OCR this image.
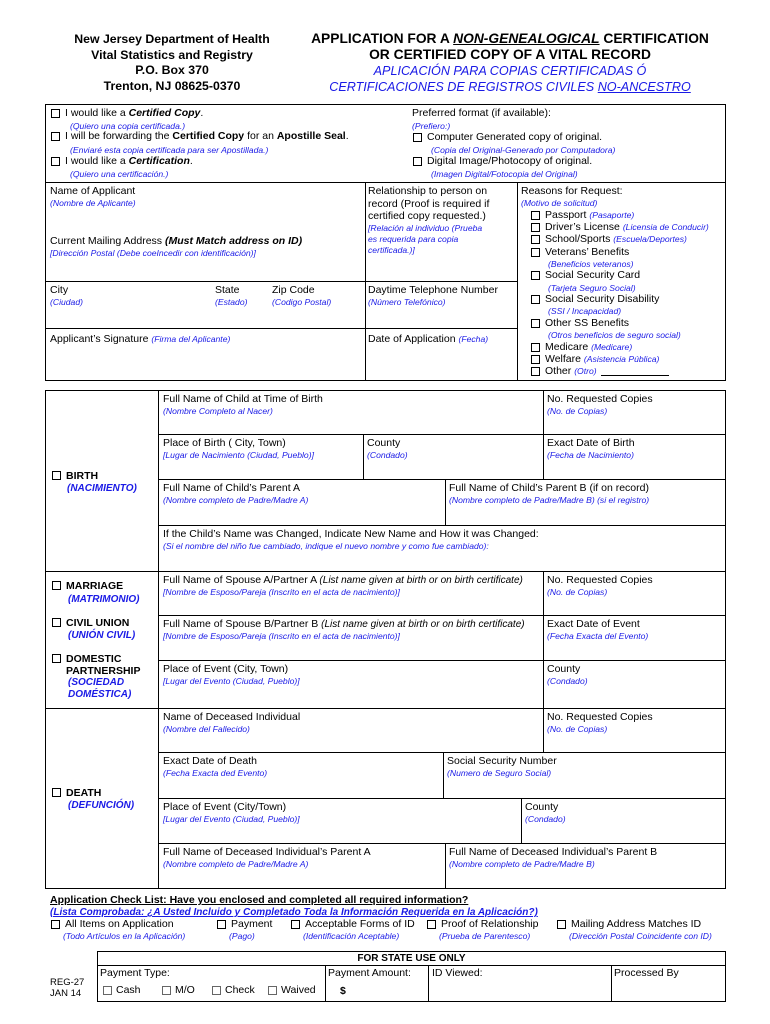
New Jersey Department of Health
Vital Statistics and Registry
P.O. Box 370
Trenton, NJ 08625-0370
APPLICATION FOR A NON-GENEALOGICAL CERTIFICATION
OR CERTIFIED COPY OF A VITAL RECORD
APLICACIÓN PARA COPIAS CERTIFICADAS Ó
CERTIFICACIONES DE REGISTROS CIVILES NO-ANCESTRO
I would like a Certified Copy.
(Quiero una copia certificada.)
I will be forwarding the Certified Copy for an Apostille Seal.
(Enviaré esta copia certificada para ser Apostillada.)
I would like a Certification.
(Quiero una certificación.)
Preferred format (if available):
(Prefiero:)
Computer Generated copy of original.
(Copia del Original-Generado por Computadora)
Digital Image/Photocopy of original.
(Imagen Digital/Fotocopia del Original)
Name of Applicant
(Nombre de Aplicante)
Current Mailing Address (Must Match address on ID)
[Dirección Postal (Debe coeIncedir con identificación)]
City
(Ciudad)
State
(Estado)
Zip Code
(Codigo Postal)
Applicant’s Signature (Firma del Aplicante)
Relationship to person on
record (Proof is required if
certified copy requested.)
[Relación al individuo (Prueba
es requerida para copia
certificada.)]
Daytime Telephone Number
(Número Telefónico)
Date of Application (Fecha)
Reasons for Request:
(Motivo de solicitud)
Passport (Pasaporte)
Driver’s License (Licensia de Conducir)
School/Sports (Escuela/Deportes)
Veterans’ Benefits
(Beneficios veteranos)
Social Security Card
(Tarjeta Seguro Social)
Social Security Disability
(SSI / Incapacidad)
Other SS Benefits
(Otros beneficios de seguro social)
Medicare (Medicare)
Welfare (Asistencia Pública)
Other (Otro)
BIRTH
(NACIMIENTO)
Full Name of Child at Time of Birth
(Nombre Completo al Nacer)
No. Requested Copies
(No. de Copias)
Place of Birth ( City, Town)
[Lugar de Nacimiento (Ciudad, Pueblo)]
County
(Condado)
Exact Date of Birth
(Fecha de Nacimiento)
Full Name of Child’s Parent A
(Nombre completo de Padre/Madre A)
Full Name of Child’s Parent B (if on record)
(Nombre completo de Padre/Madre B) (si el registro)
If the Child’s Name was Changed, Indicate New Name and How it was Changed:
(Si el nombre del niño fue cambiado, indique el nuevo nombre y como fue cambiado):
MARRIAGE
(MATRIMONIO)
CIVIL UNION
(UNIÓN CIVIL)
DOMESTIC
PARTNERSHIP
(SOCIEDAD
DOMÉSTICA)
Full Name of Spouse A/Partner A (List name given at birth or on birth certificate)
[Nombre de Esposo/Pareja (Inscrito en el acta de nacimiento)]
No. Requested Copies
(No. de Copias)
Full Name of Spouse B/Partner B (List name given at birth or on birth certificate)
[Nombre de Esposo/Pareja (Inscrito en el acta de nacimiento)]
Exact Date of Event
(Fecha Exacta del Evento)
Place of Event (City, Town)
[Lugar del Evento (Ciudad, Pueblo)]
County
(Condado)
DEATH
(DEFUNCIÓN)
Name of Deceased Individual
(Nombre del Fallecido)
No. Requested Copies
(No. de Copias)
Exact Date of Death
(Fecha Exacta ded Evento)
Social Security Number
(Numero de Seguro Social)
Place of Event (City/Town)
[Lugar del Evento (Ciudad, Pueblo)]
County
(Condado)
Full Name of Deceased Individual’s Parent A
(Nombre completo de Padre/Madre A)
Full Name of Deceased Individual’s Parent B
(Nombre completo de Padre/Madre B)
Application Check List: Have you enclosed and completed all required information?
(Lista Comprobada: ¿A Usted Incluido y Completado Toda la Información Requerida en la Aplicación?)
All Items on Application
(Todo Artículos en la Aplicación)
Payment
(Pago)
Acceptable Forms of ID
(Identificación Aceptable)
Proof of Relationship
(Prueba de Parentesco)
Mailing Address Matches ID
(Dirección Postal Coincidente con ID)
REG-27
JAN 14
FOR STATE USE ONLY
Payment Type:
Cash	M/O	Check Waived
Payment Amount:
$
ID Viewed:	Processed By
